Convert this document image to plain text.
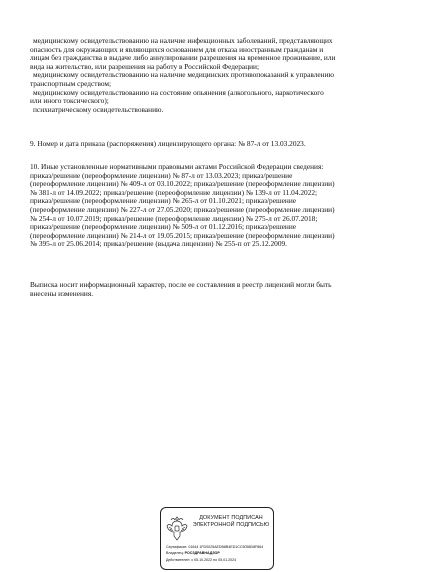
медицинскому освидетельствованию на наличие инфекционных заболеваний, представляющих
опасность для окружающих и являющихся основанием для отказа иностранным гражданам и
лицам без гражданства в выдаче либо аннулировании разрешения на временное проживание, или
вида на жительство, или разрешения на работу в Российской Федерации;
медицинскому освидетельствованию на наличие медицинских противопоказаний к управлению
транспортным средством;
медицинскому освидетельствованию на состояние опьянения (алкогольного, наркотического
или иного токсического);
психиатрическому освидетельствованию.
9. Номер и дата приказа (распоряжения) лицензирующего органа: № 87-л от 13.03.2023.
10. Иные установленные нормативными правовыми актами Российской Федерации сведения:
приказ/решение (переоформление лицензии) № 87-л от 13.03.2023; приказ/решение
(переоформление лицензии) № 409-л от 03.10.2022; приказ/решение (переоформление лицензии)
№ 381-л от 14.09.2022; приказ/решение (переоформление лицензии) № 139-л от 11.04.2022;
приказ/решение (переоформление лицензии) № 265-л от 01.10.2021; приказ/решение
(переоформление лицензии) № 227-л от 27.05.2020; приказ/решение (переоформление лицензии)
№ 254-л от 10.07.2019; приказ/решение (переоформление лицензии) № 275-л от 26.07.2018;
приказ/решение (переоформление лицензии) № 509-л от 01.12.2016; приказ/решение
(переоформление лицензии) № 214-л от 19.05.2015; приказ/решение (переоформление лицензии)
№ 395-л от 25.06.2014; приказ/решение (выдача лицензии) № 255-п от 25.12.2009.
Выписка носит информационный характер, после ее составления в реестр лицензий могли быть
внесены изменения.
ДОКУМЕНТ ПОДПИСАН
ЭЛЕКТРОННОЙ ПОДПИСЬЮ
Сертификат: 01644 1FD0025AEDB8B4ED1CC5058D8F864
Владелец: РОСЗДРАВНАДЗОР
Действителен: с 05.10.2022 по 05.01.2024
